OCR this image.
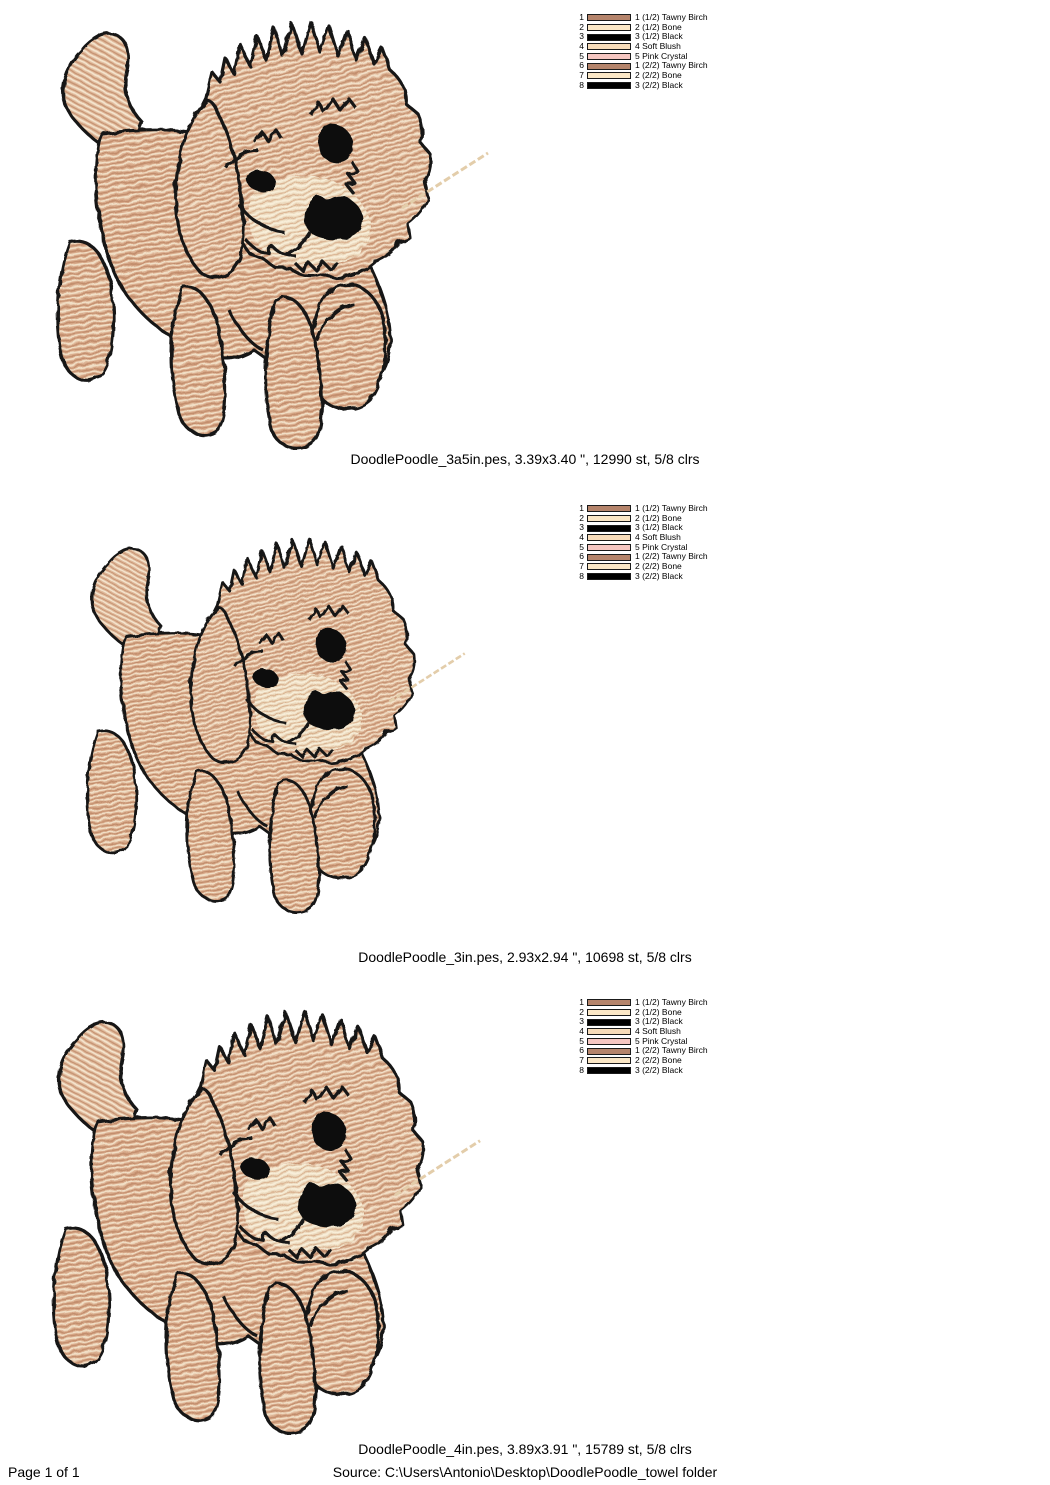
1	1 (1/2) Tawny Birch
2	2 (1/2) Bone
3	3 (1/2) Black
4	4 Soft Blush
5	5 Pink Crystal
6	1 (2/2) Tawny Birch
7	2 (2/2) Bone
8	3 (2/2) Black
DoodlePoodle_3a5in.pes, 3.39x3.40 ", 12990 st, 5/8 clrs
1	1 (1/2) Tawny Birch
2	2 (1/2) Bone
3	3 (1/2) Black
4	4 Soft Blush
5	5 Pink Crystal
6	1 (2/2) Tawny Birch
7	2 (2/2) Bone
8	3 (2/2) Black
DoodlePoodle_3in.pes, 2.93x2.94 ", 10698 st, 5/8 clrs
1	1 (1/2) Tawny Birch
2	2 (1/2) Bone
3	3 (1/2) Black
4	4 Soft Blush
5	5 Pink Crystal
6	1 (2/2) Tawny Birch
7	2 (2/2) Bone
8	3 (2/2) Black
DoodlePoodle_4in.pes, 3.89x3.91 ", 15789 st, 5/8 clrs
Page 1 of 1	Source: C:\Users\Antonio\Desktop\DoodlePoodle_towel folder
